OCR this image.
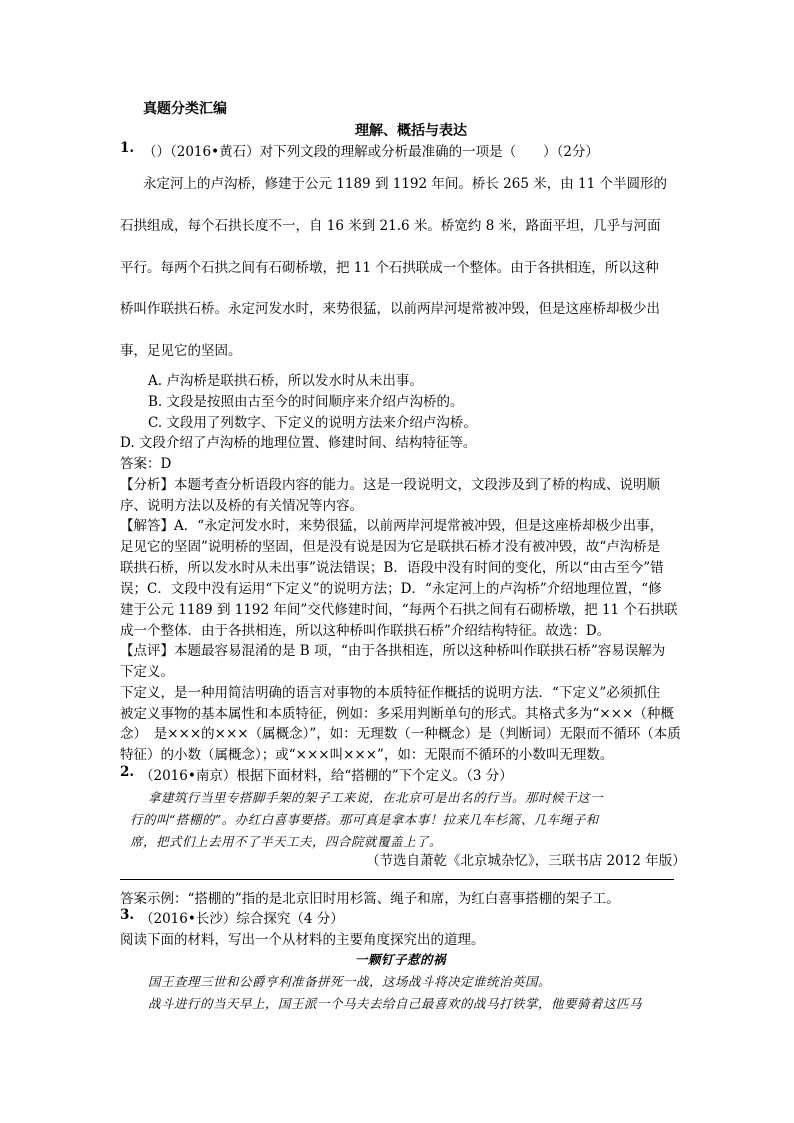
真题分类汇编
理解、概括与表达
1. （）（2016•黄石）对下列文段的理解或分析最准确的一项是（　　）（2分）
永定河上的卢沟桥，修建于公元 1189 到 1192 年间。桥长 265 米，由 11 个半圆形的
石拱组成，每个石拱长度不一，自 16 米到 21.6 米。桥宽约 8 米，路面平坦，几乎与河面
平行。每两个石拱之间有石砌桥墩，把 11 个石拱联成一个整体。由于各拱相连，所以这种
桥叫作联拱石桥。永定河发水时，来势很猛，以前两岸河堤常被冲毁，但是这座桥却极少出
事，足见它的坚固。
A. 卢沟桥是联拱石桥，所以发水时从未出事。
B. 文段是按照由古至今的时间顺序来介绍卢沟桥的。
C. 文段用了列数字、下定义的说明方法来介绍卢沟桥。
D. 文段介绍了卢沟桥的地理位置、修建时间、结构特征等。
答案：D
【分析】本题考查分析语段内容的能力。这是一段说明文，文段涉及到了桥的构成、说明顺
序、说明方法以及桥的有关情况等内容。
【解答】A．“永定河发水时，来势很猛，以前两岸河堤常被冲毁，但是这座桥却极少出事，
足见它的坚固”说明桥的坚固，但是没有说是因为它是联拱石桥才没有被冲毁，故“卢沟桥是
联拱石桥，所以发水时从未出事”说法错误；B．语段中没有时间的变化，所以“由古至今”错
误；C．文段中没有运用“下定义”的说明方法；D．“永定河上的卢沟桥”介绍地理位置，“修
建于公元 1189 到 1192 年间”交代修建时间，“每两个石拱之间有石砌桥墩，把 11 个石拱联
成一个整体．由于各拱相连，所以这种桥叫作联拱石桥”介绍结构特征。故选：D。
【点评】本题最容易混淆的是 B 项，“由于各拱相连，所以这种桥叫作联拱石桥”容易误解为
下定义。
下定义，是一种用简洁明确的语言对事物的本质特征作概括的说明方法．“下定义”必须抓住
被定义事物的基本属性和本质特征，例如：多采用判断单句的形式。其格式多为“×××（种概
念）　是×××的×××（属概念）”，如：无理数（一种概念）是（判断词）无限而不循环（本质
特征）的小数（属概念）；或“×××叫×××”，如：无限而不循环的小数叫无理数。
2. （2016•南京）根据下面材料，给“搭棚的”下个定义。（3 分）
拿建筑行当里专搭脚手架的架子工来说，在北京可是出名的行当。那时候干这一
行的叫“搭棚的”。办红白喜事要搭。那可真是拿本事！拉来几车杉篙、几车绳子和
席，把式们上去用不了半天工夫，四合院就覆盖上了。
（节选自萧乾《北京城杂忆》，三联书店 2012 年版）
答案示例：“搭棚的”指的是北京旧时用杉篙、绳子和席，为红白喜事搭棚的架子工。
3. （2016•长沙）综合探究（4 分）
阅读下面的材料，写出一个从材料的主要角度探究出的道理。
一颗钉子惹的祸
国王查理三世和公爵亨利准备拼死一战，这场战斗将决定谁统治英国。
战斗进行的当天早上，国王派一个马夫去给自己最喜欢的战马打铁掌，他要骑着这匹马
